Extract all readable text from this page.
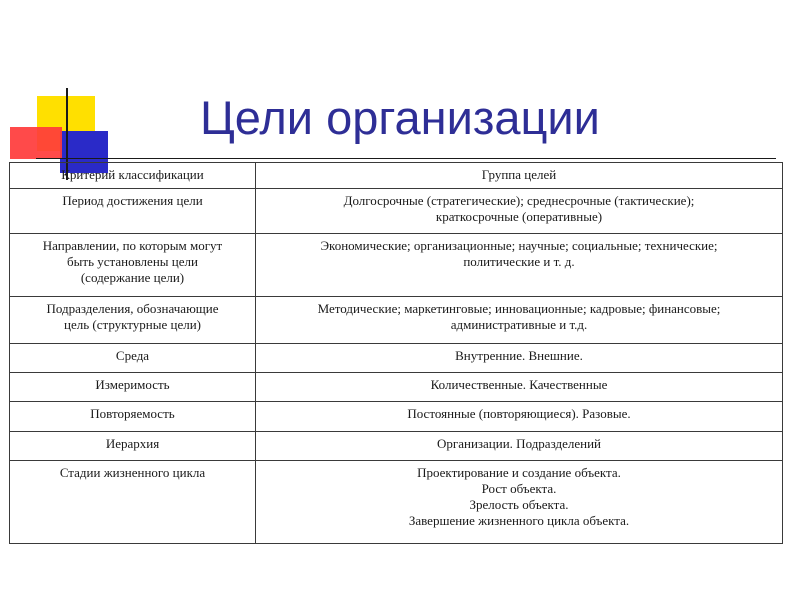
Цели организации
Критерий классификации	Группа целей
Период достижения цели	Долгосрочные (стратегические); среднесрочные (тактические);
краткосрочные (оперативные)

Направлении, по которым могут
быть установлены цели
(содержание цели)	Экономические; организационные; научные; социальные; технические;
политические и т. д.

Подразделения, обозначающие
цель (структурные цели)	Методические; маркетинговые; инновационные; кадровые; финансовые;
административные и т.д.

Среда	Внутренние. Внешние.
Измеримость	Количественные. Качественные
Повторяемость	Постоянные (повторяющиеся). Разовые.
Иерархия	Организации. Подразделений
Стадии жизненного цикла	Проектирование и создание объекта.
Рост объекта.
Зрелость объекта.
Завершение жизненного цикла объекта.
